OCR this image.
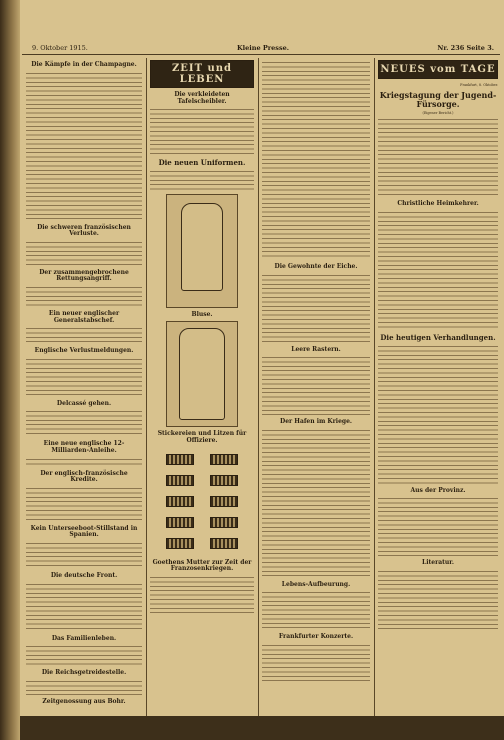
9. Oktober 1915.	Kleine Presse.	Nr. 236 Seite 3.
Die Kämpfe in der Champagne.
Die schweren französischen Verluste.
Der zusammengebrochene Rettungsangriff.
Ein neuer englischer Generalstabschef.
Englische Verlustmeldungen.
Delcassé gehen.
Eine neue englische 12-Milliarden-Anleihe.
Der englisch-französische Kredite.
Kein Unterseeboot-Stillstand in Spanien.
Die deutsche Front.
Das Familienleben.
Die Reichsgetreidestelle.
Zeitgenossung aus Bohr.
ZEIT und LEBEN
Die verkleideten Tafelscheibler.
Die neuen Uniformen.
Bluse.
Stickereien und Litzen für Offiziere.

Goethens Mutter zur Zeit der Franzosenkriegen.
Die Gewohnte der Eiche.
Leere Rastern.
Der Hafen im Kriege.
Lebens-Aufbeurung.
Frankfurter Konzerte.
NEUES vom TAGE
Frankfurt, 8. Oktober.
Kriegstagung der Jugend-Fürsorge.
(Eigener Bericht.)
Christliche Heimkehrer.
Die heutigen Verhandlungen.
Aus der Provinz.
Literatur.
